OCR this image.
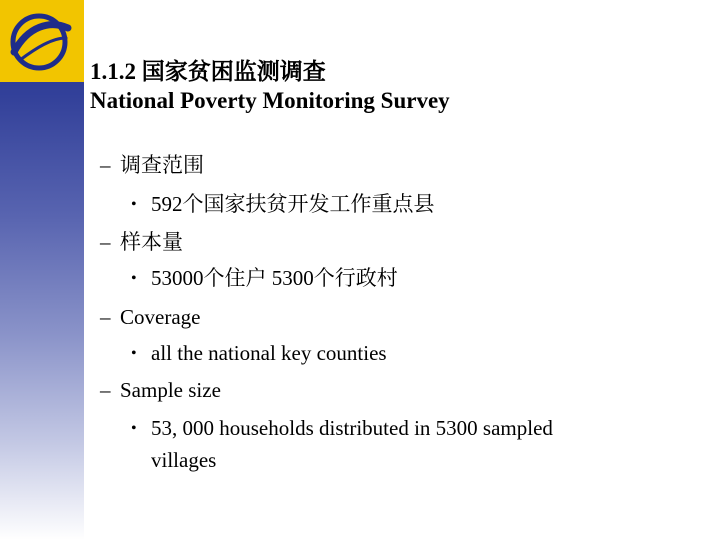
1.1.2 国家贫困监测调查
National Poverty Monitoring Survey
– 调查范围
• 592个国家扶贫开发工作重点县
– 样本量
• 53000个住户 5300个行政村
– Coverage
• all the national key counties
– Sample size
• 53, 000 households distributed in 5300 sampled
villages
